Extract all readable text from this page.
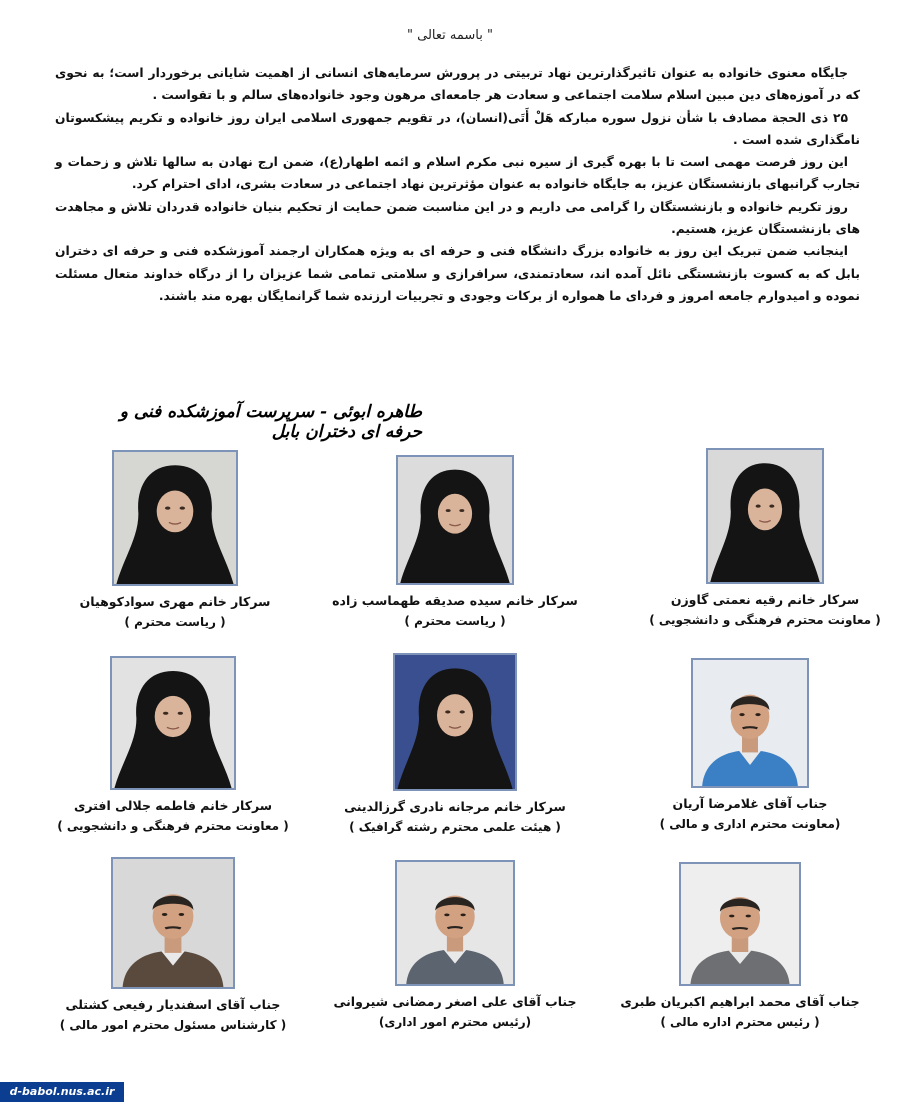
" باسمه تعالی "

جایگاه معنوی خانواده به عنوان تاثیرگذارترین نهاد تربیتی در پرورش سرمایه‌های انسانی از اهمیت شایانی برخوردار است؛ به نحوی که در آموزه‌های دین مبین اسلام سلامت اجتماعی و سعادت هر جامعه‌ای مرهون وجود خانواده‌های سالم و با تقواست .

۲۵ ذی الحجة مصادف با شأن نزول سوره مبارکه هَلْ أَتَى(انسان)، در تقویم جمهوری اسلامی ایران روز خانواده و تکریم پیشکسوتان نامگذاری شده است .

این روز فرصت مهمی است تا با بهره گیری از سیره نبی مکرم اسلام و ائمه اطهار(ع)، ضمن ارج نهادن به سالها تلاش و زحمات و تجارب گرانبهای بازنشستگان عزیز، به جایگاه خانواده به عنوان مؤثرترین نهاد اجتماعی در سعادت بشری، ادای احترام کرد.

روز تکریم خانواده و بازنشستگان را گرامی می داریم و در این مناسبت ضمن حمایت از تحکیم بنیان خانواده قدردان تلاش و مجاهدت های بازنشستگان عزیز، هستیم.

اینجانب ضمن تبریک این روز به خانواده بزرگ دانشگاه فنی و حرفه ای به ویژه همکاران ارجمند آموزشکده فنی و حرفه ای دختران بابل که به کسوت بازنشستگی نائل آمده اند، سعادتمندی، سرافرازی و سلامتی تمامی شما عزیزان را از درگاه خداوند متعال مسئلت نموده و امیدوارم جامعه امروز و فردای ما همواره از برکات وجودی و تجربیات ارزنده شما گرانمایگان بهره مند باشند.

طاهره ابوئی - سرپرست آموزشکده فنی و حرفه ای دختران بابل
سرکار خانم رقیه نعمتی گاوزن
( معاونت محترم فرهنگی و دانشجویی )
سرکار خانم سیده صدیقه طهماسب زاده
( ریاست محترم )
سرکار خانم مهری سوادکوهیان
( ریاست محترم )
جناب آقای غلامرضا آریان
(معاونت محترم اداری و مالی )
سرکار خانم مرجانه نادری گرزالدینی
( هیئت علمی محترم رشته گرافیک )
سرکار خانم فاطمه جلالی افتری
( معاونت محترم فرهنگی و دانشجویی )
جناب آقای محمد ابراهیم اکبریان طبری
( رئیس محترم اداره مالی )
جناب آقای علی اصغر رمضانی شیروانی
(رئیس محترم امور اداری)
جناب آقای اسفندیار رفیعی کشتلی
( کارشناس مسئول محترم امور مالی )
d-babol.nus.ac.ir
